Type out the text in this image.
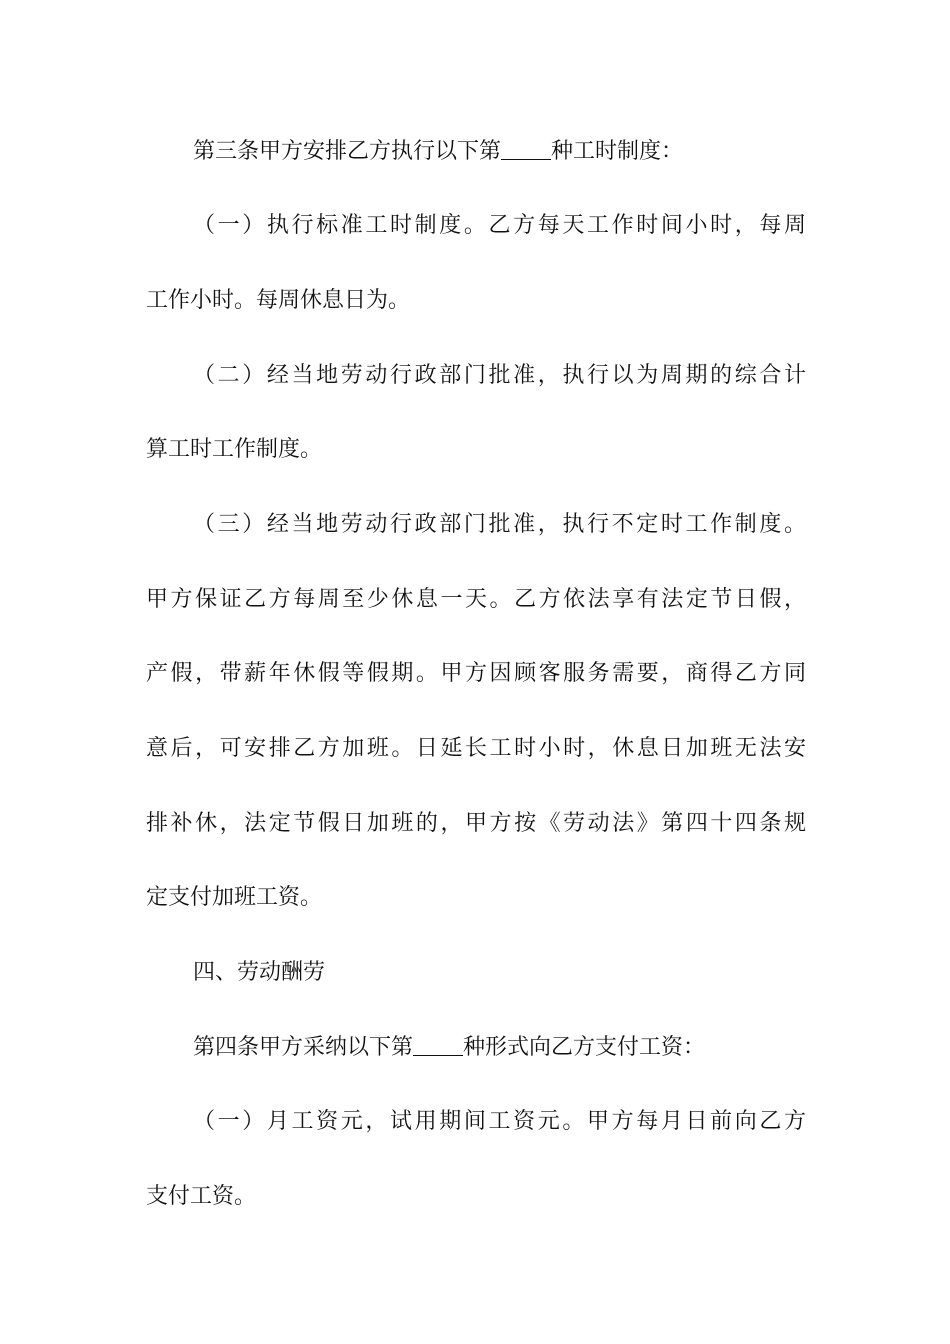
第三条甲方安排乙方执行以下第 种工时制度：
（一）执行标准工时制度。乙方每天工作时间小时，每周
工作小时。每周休息日为。
（二）经当地劳动行政部门批准，执行以为周期的综合计
算工时工作制度。
（三）经当地劳动行政部门批准，执行不定时工作制度。
甲方保证乙方每周至少休息一天。乙方依法享有法定节日假，
产假，带薪年休假等假期。甲方因顾客服务需要，商得乙方同
意后，可安排乙方加班。日延长工时小时，休息日加班无法安
排补休，法定节假日加班的，甲方按《劳动法》第四十四条规
定支付加班工资。
四、劳动酬劳
第四条甲方采纳以下第 种形式向乙方支付工资：
（一）月工资元，试用期间工资元。甲方每月日前向乙方
支付工资。
